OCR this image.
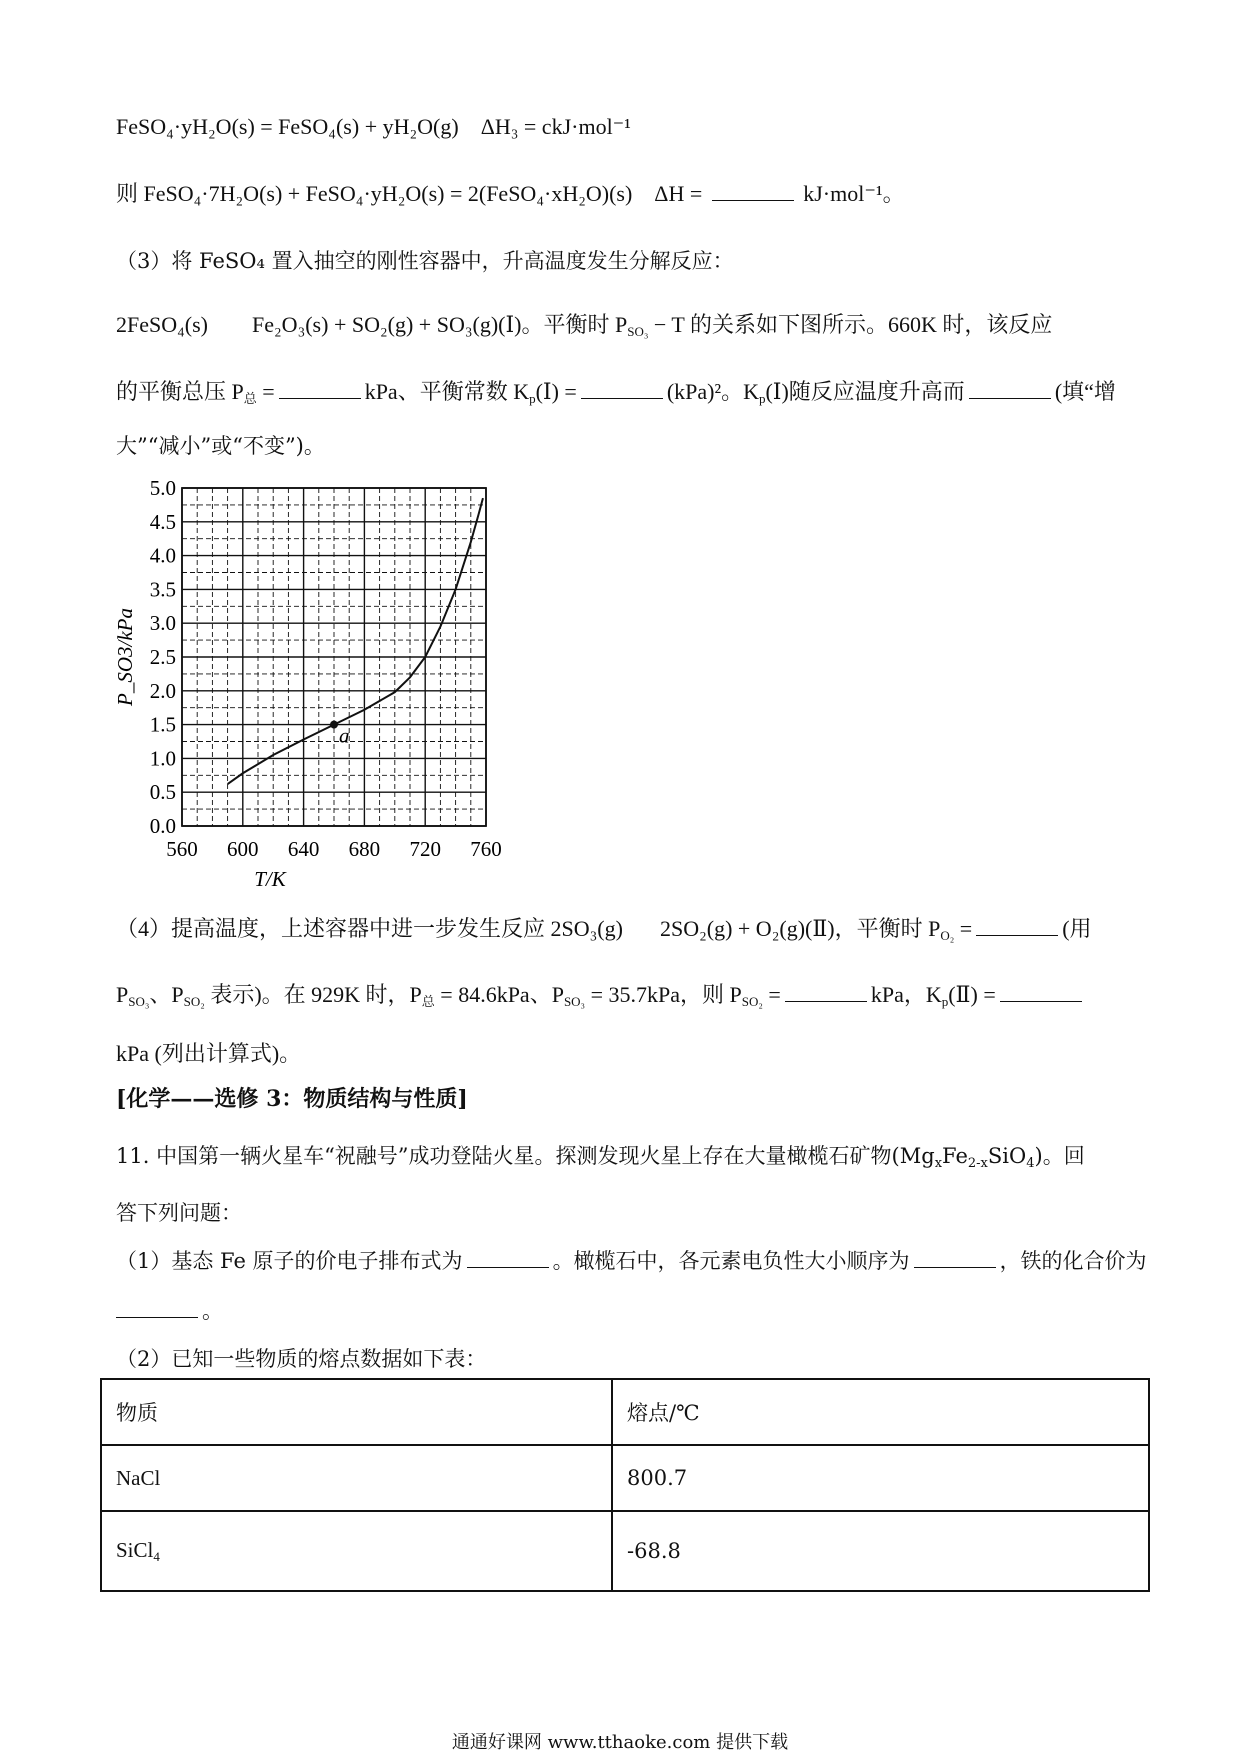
FeSO₄·yH₂O(s) = FeSO₄(s) + yH₂O(g)　ΔH₃ = ckJ·mol⁻¹
则 FeSO₄·7H₂O(s) + FeSO₄·yH₂O(s) = 2(FeSO₄·xH₂O)(s)　ΔH =	kJ·mol⁻¹。
（3）将 FeSO₄ 置入抽空的刚性容器中，升高温度发生分解反应：
2FeSO₄(s)　　Fe₂O₃(s) + SO₂(g) + SO₃(g)(Ⅰ)。平衡时 $P_{SO_3} - T$ 的关系如下图所示。660K 时，该反应
的平衡总压 $P_总$ =	kPa、平衡常数 $K_p(Ⅰ)$ =	(kPa)²。$K_p(Ⅰ)$随反应温度升高而	(填“增
大”“减小”或“不变”)。
0.0
0.5
1.0
1.5
2.0
2.5
3.0
3.5
4.0
4.5
5.0
560 600 640 680 720 760
T/K
P_SO3/kPa
a
（4）提高温度，上述容器中进一步发生反应 2SO₃(g) 2SO₂(g) + O₂(g)(Ⅱ)，平衡时 $P_{O_2}$ =	(用
$P_{SO_3}$、$P_{SO_2}$ 表示)。在 929K 时，$P_总 = 84.6kPa$、$P_{SO_3} = 35.7kPa$，则 $P_{SO_2}$ =	kPa，$K_p(Ⅱ)$ =
kPa (列出计算式)。
[化学——选修 3：物质结构与性质]
11. 中国第一辆火星车“祝融号”成功登陆火星。探测发现火星上存在大量橄榄石矿物$(Mg_xFe_{2-x}SiO_4)$。回
答下列问题：
（1）基态 Fe 原子的价电子排布式为	。橄榄石中，各元素电负性大小顺序为	，铁的化合价为
。
（2）已知一些物质的熔点数据如下表：
物质	熔点/℃
NaCl	800.7
SiCl$_4$	-68.8
通通好课网 www.tthaoke.com 提供下载
